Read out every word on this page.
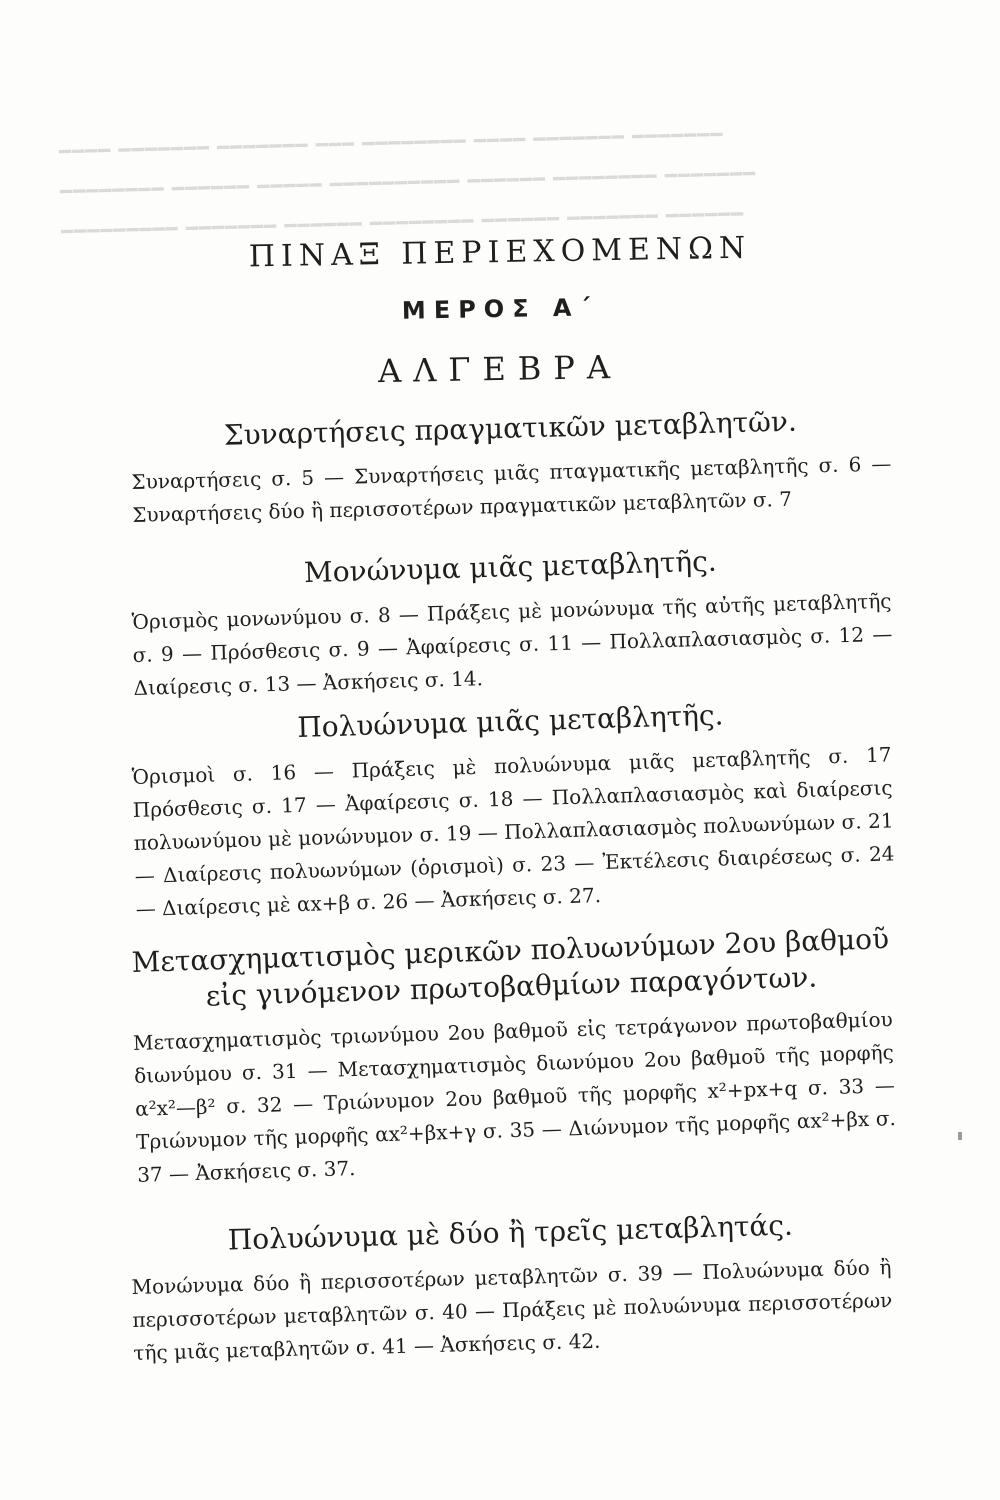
━━━━ ━━━━━━━ ━━━━━━━ ━━━ ━━━━━━━━ ━━━━ ━━━━━━━ ━━━━━━━
━━━━━━━━ ━━━━━━ ━━━━━ ━━━━━━━━━━ ━━━━━━ ━━━━━━━━ ━━━━━━━
━━━━━━━━━ ━━━━━━━ ━━━━━━ ━━━━━━━━ ━━━━━━ ━━━━━━━ ━━━━━━
ΠΙΝΑΞ ΠΕΡΙΕΧΟΜΕΝΩΝ
ΜΕΡΟΣ Α΄
ΑΛΓΕΒΡΑ
Συναρτήσεις πραγματικῶν μεταβλητῶν.

Συναρτήσεις σ. 5 — Συναρτήσεις μιᾶς πταγματικῆς μεταβλητῆς σ. 6 — Συναρτήσεις δύο ἢ περισσοτέρων πραγματικῶν μεταβλητῶν σ. 7

Μονώνυμα μιᾶς μεταβλητῆς.

Ὁρισμὸς μονωνύμου σ. 8 — Πράξεις μὲ μονώνυμα τῆς αὐτῆς μεταβλητῆς σ. 9 — Πρόσθεσις σ. 9 — Ἀφαίρεσις σ. 11 — Πολλαπλασιασμὸς σ. 12 — Διαίρεσις σ. 13 — Ἀσκήσεις σ. 14.

Πολυώνυμα μιᾶς μεταβλητῆς.

Ὁρισμοὶ σ. 16 — Πράξεις μὲ πολυώνυμα μιᾶς μεταβλητῆς σ. 17 Πρόσθεσις σ. 17 — Ἀφαίρεσις σ. 18 — Πολλαπλασιασμὸς καὶ διαίρεσις πολυωνύμου μὲ μονώνυμον σ. 19 — Πολλαπλασιασμὸς πολυωνύμων σ. 21— Διαίρεσις πολυωνύμων (ὁρισμοὶ) σ. 23 — Ἐκτέλεσις διαιρέσεως σ. 24 — Διαίρεσις μὲ αx+β σ. 26 — Ἀσκήσεις σ. 27.

Μετασχηματισμὸς μερικῶν πολυωνύμων 2ου βαθμοῦ εἰς γινόμενον πρωτοβαθμίων παραγόντων.

Μετασχηματισμὸς τριωνύμου 2ου βαθμοῦ εἰς τετράγωνον πρωτοβαθμίου διωνύμου σ. 31 — Μετασχηματισμὸς διωνύμου 2ου βαθμοῦ τῆς μορφῆς α²x²—β² σ. 32 — Τριώνυμον 2ου βαθμοῦ τῆς μορφῆς x²+px+q σ. 33 — Τριώνυμον τῆς μορφῆς αx²+βx+γ σ. 35 — Διώνυμον τῆς μορφῆς αx²+βx σ. 37 — Ἀσκήσεις σ. 37.

Πολυώνυμα μὲ δύο ἢ τρεῖς μεταβλητάς.

Μονώνυμα δύο ἢ περισσοτέρων μεταβλητῶν σ. 39 — Πολυώνυμα δύο ἢ περισσοτέρων μεταβλητῶν σ. 40 — Πράξεις μὲ πολυώνυμα περισσοτέρων τῆς μιᾶς μεταβλητῶν σ. 41 — Ἀσκήσεις σ. 42.
